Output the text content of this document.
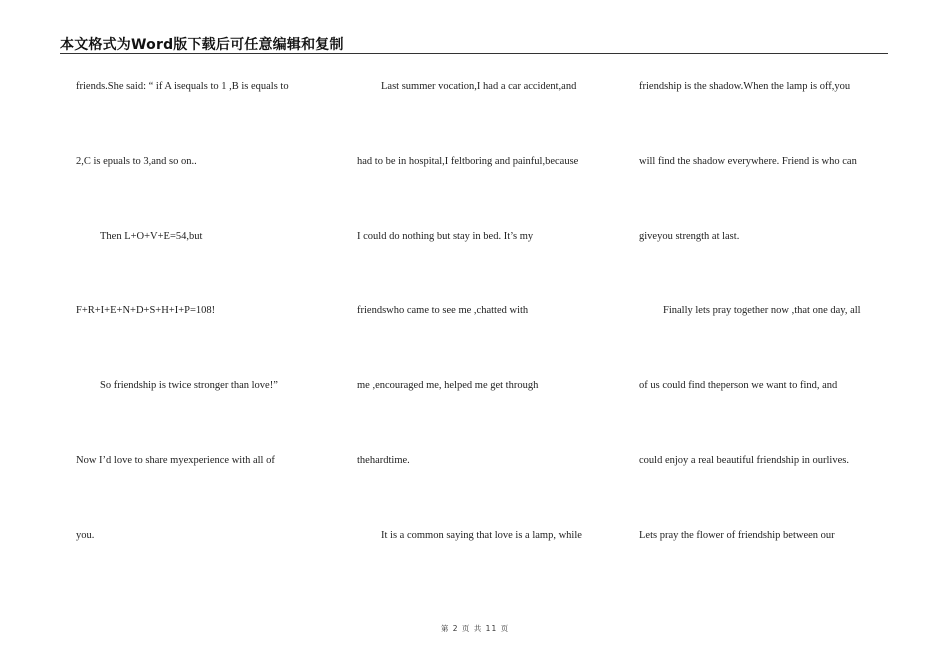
本文格式为Word版下载后可任意编辑和复制
friends.She said: “ if A isequals to 1 ,B is equals to
2,C is epuals to 3,and so on..
Then L+O+V+E=54,but
F+R+I+E+N+D+S+H+I+P=108!
So friendship is twice stronger than love!”
Now I’d love to share myexperience with all of
you.
Last summer vocation,I had a car accident,and
had to be in hospital,I feltboring and painful,because
I could do nothing but stay in bed. It’s my
friendswho came to see me ,chatted with
me ,encouraged me, helped me get through
thehardtime.
It is a common saying that love is a lamp, while
friendship is the shadow.When the lamp is off,you
will find the shadow everywhere. Friend is who can
giveyou strength at last.
Finally lets pray together now ,that one day, all
of us could find theperson we want to find, and
could enjoy a real beautiful friendship in ourlives.
Lets pray the flower of friendship between our
第 2 页 共 11 页
